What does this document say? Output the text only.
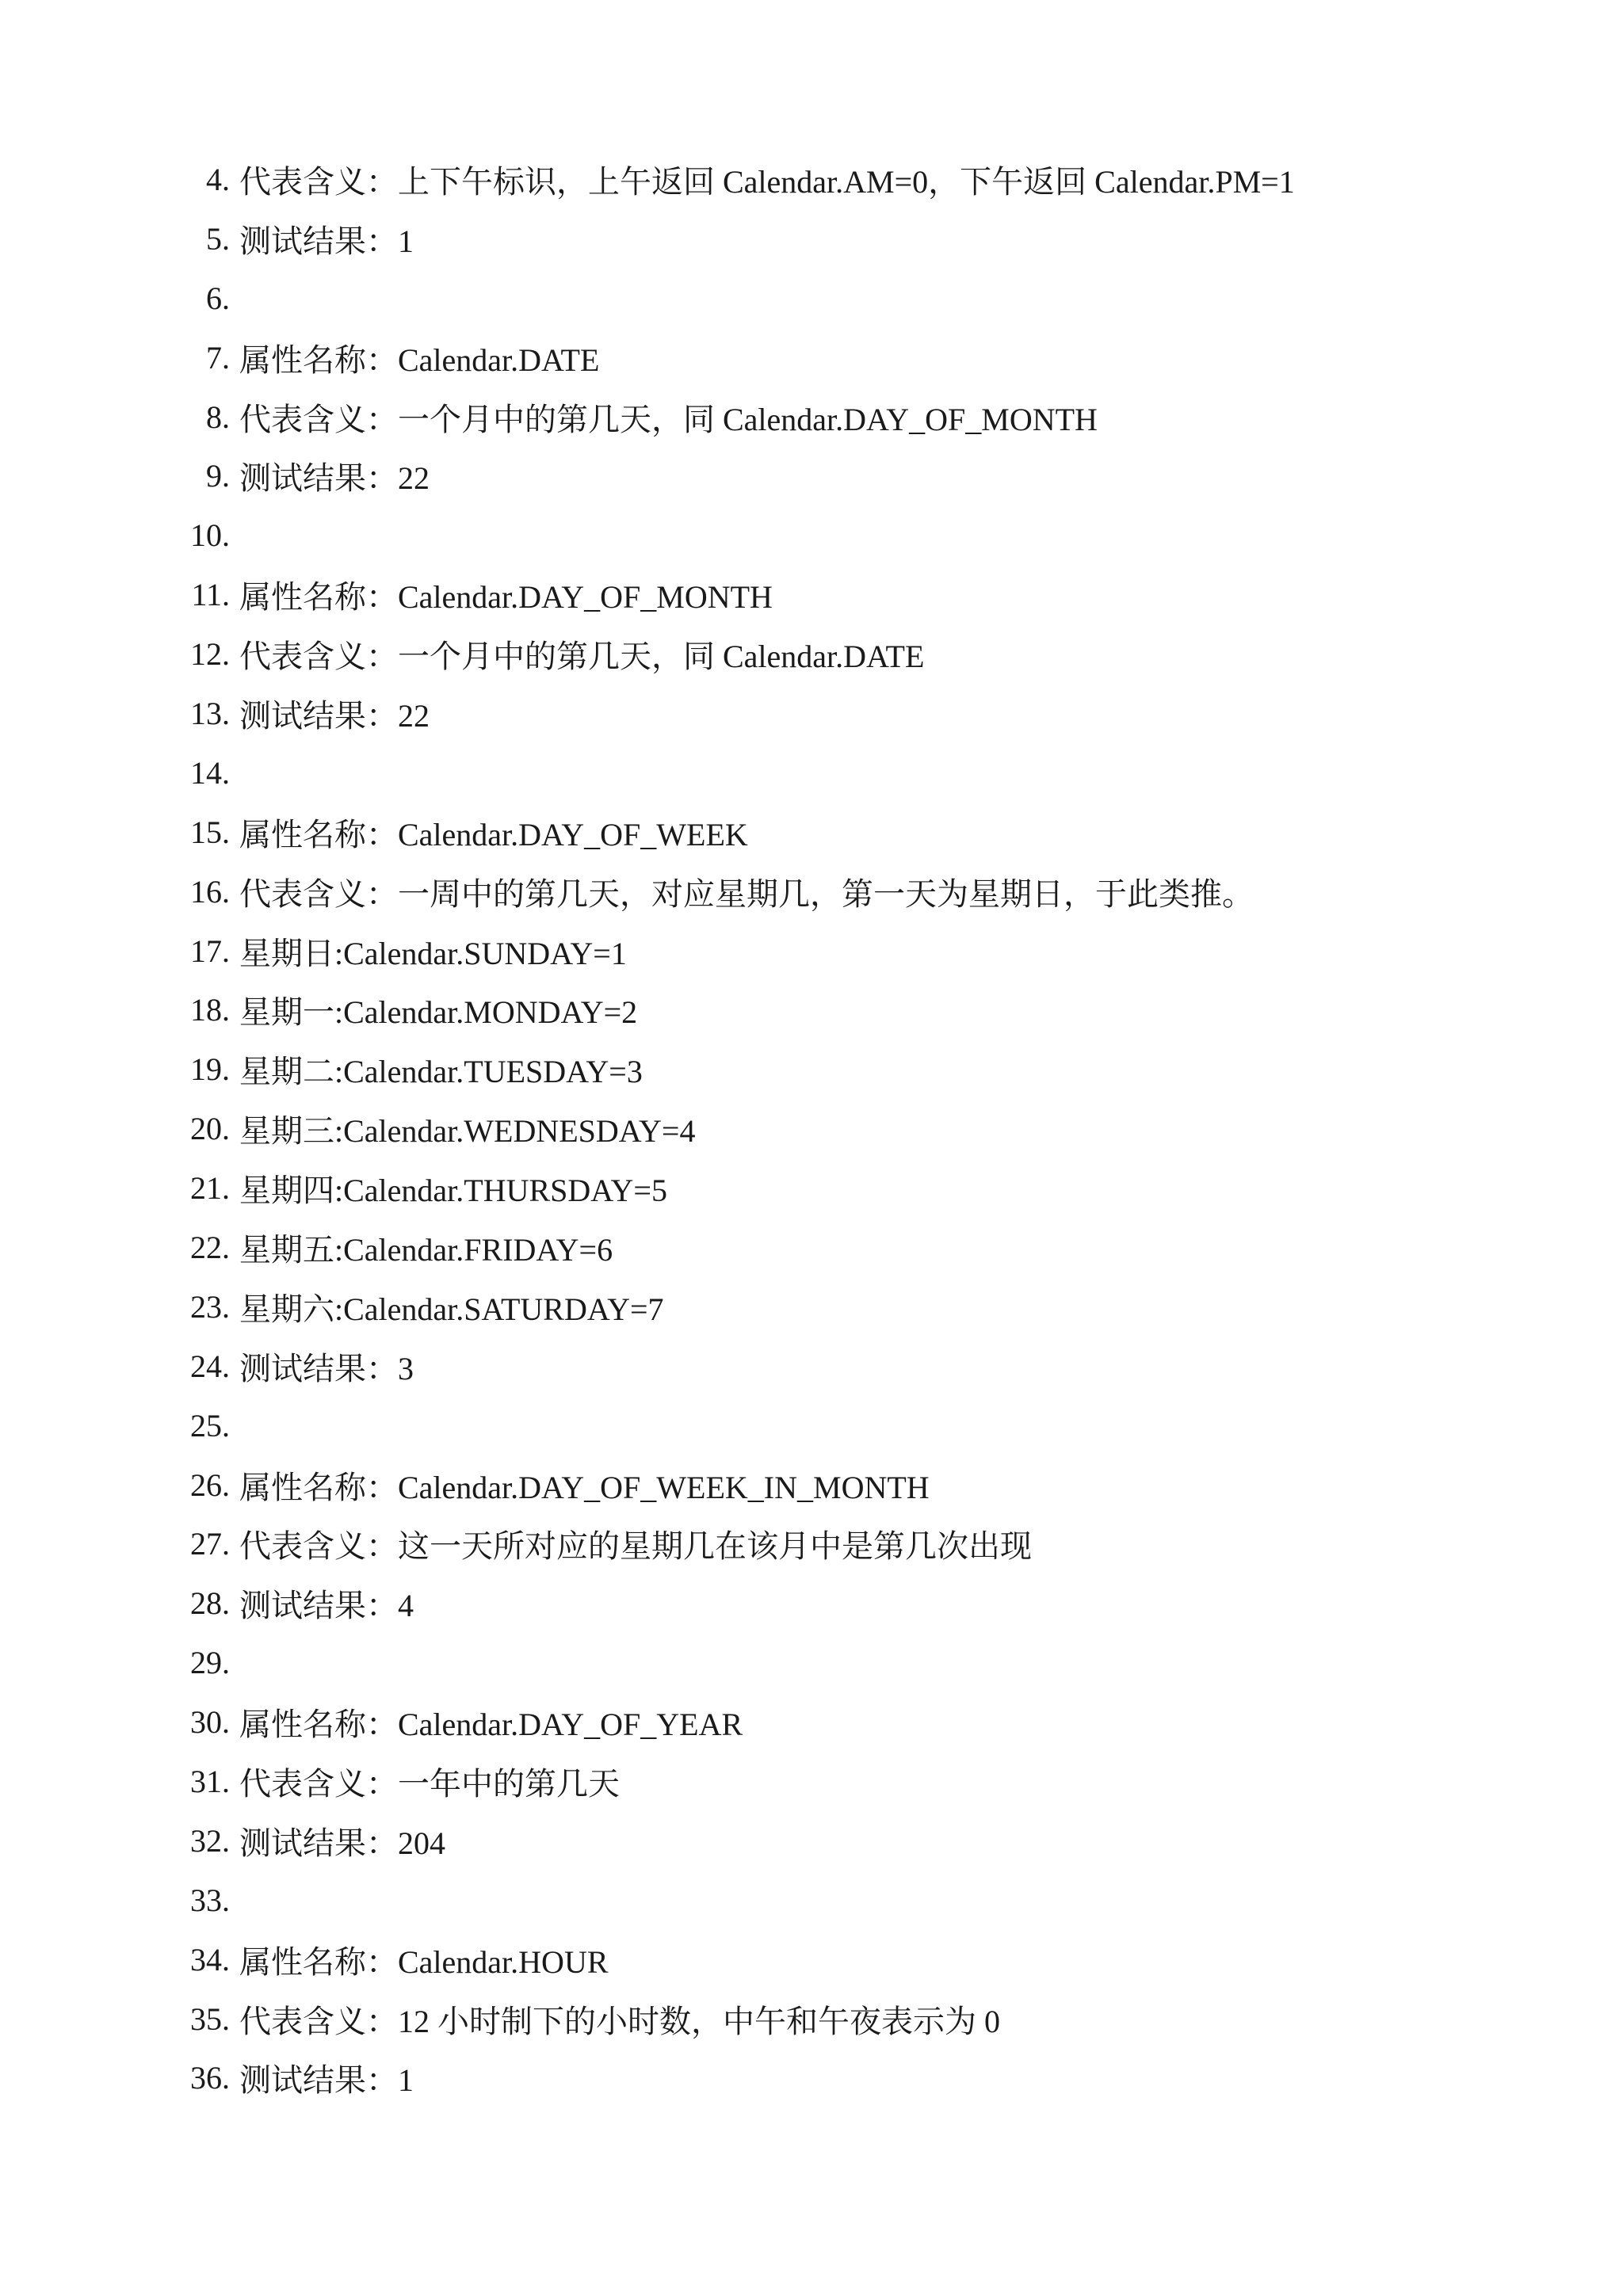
4. 代表含义：上下午标识，上午返回 Calendar.AM=0，下午返回 Calendar.PM=1
5. 测试结果：1
6.
7. 属性名称：Calendar.DATE
8. 代表含义：一个月中的第几天，同 Calendar.DAY_OF_MONTH
9. 测试结果：22
10.
11. 属性名称：Calendar.DAY_OF_MONTH
12. 代表含义：一个月中的第几天，同 Calendar.DATE
13. 测试结果：22
14.
15. 属性名称：Calendar.DAY_OF_WEEK
16. 代表含义：一周中的第几天，对应星期几，第一天为星期日，于此类推。
17. 星期日:Calendar.SUNDAY=1
18. 星期一:Calendar.MONDAY=2
19. 星期二:Calendar.TUESDAY=3
20. 星期三:Calendar.WEDNESDAY=4
21. 星期四:Calendar.THURSDAY=5
22. 星期五:Calendar.FRIDAY=6
23. 星期六:Calendar.SATURDAY=7
24. 测试结果：3
25.
26. 属性名称：Calendar.DAY_OF_WEEK_IN_MONTH
27. 代表含义：这一天所对应的星期几在该月中是第几次出现
28. 测试结果：4
29.
30. 属性名称：Calendar.DAY_OF_YEAR
31. 代表含义：一年中的第几天
32. 测试结果：204
33.
34. 属性名称：Calendar.HOUR
35. 代表含义：12 小时制下的小时数，中午和午夜表示为 0
36. 测试结果：1
